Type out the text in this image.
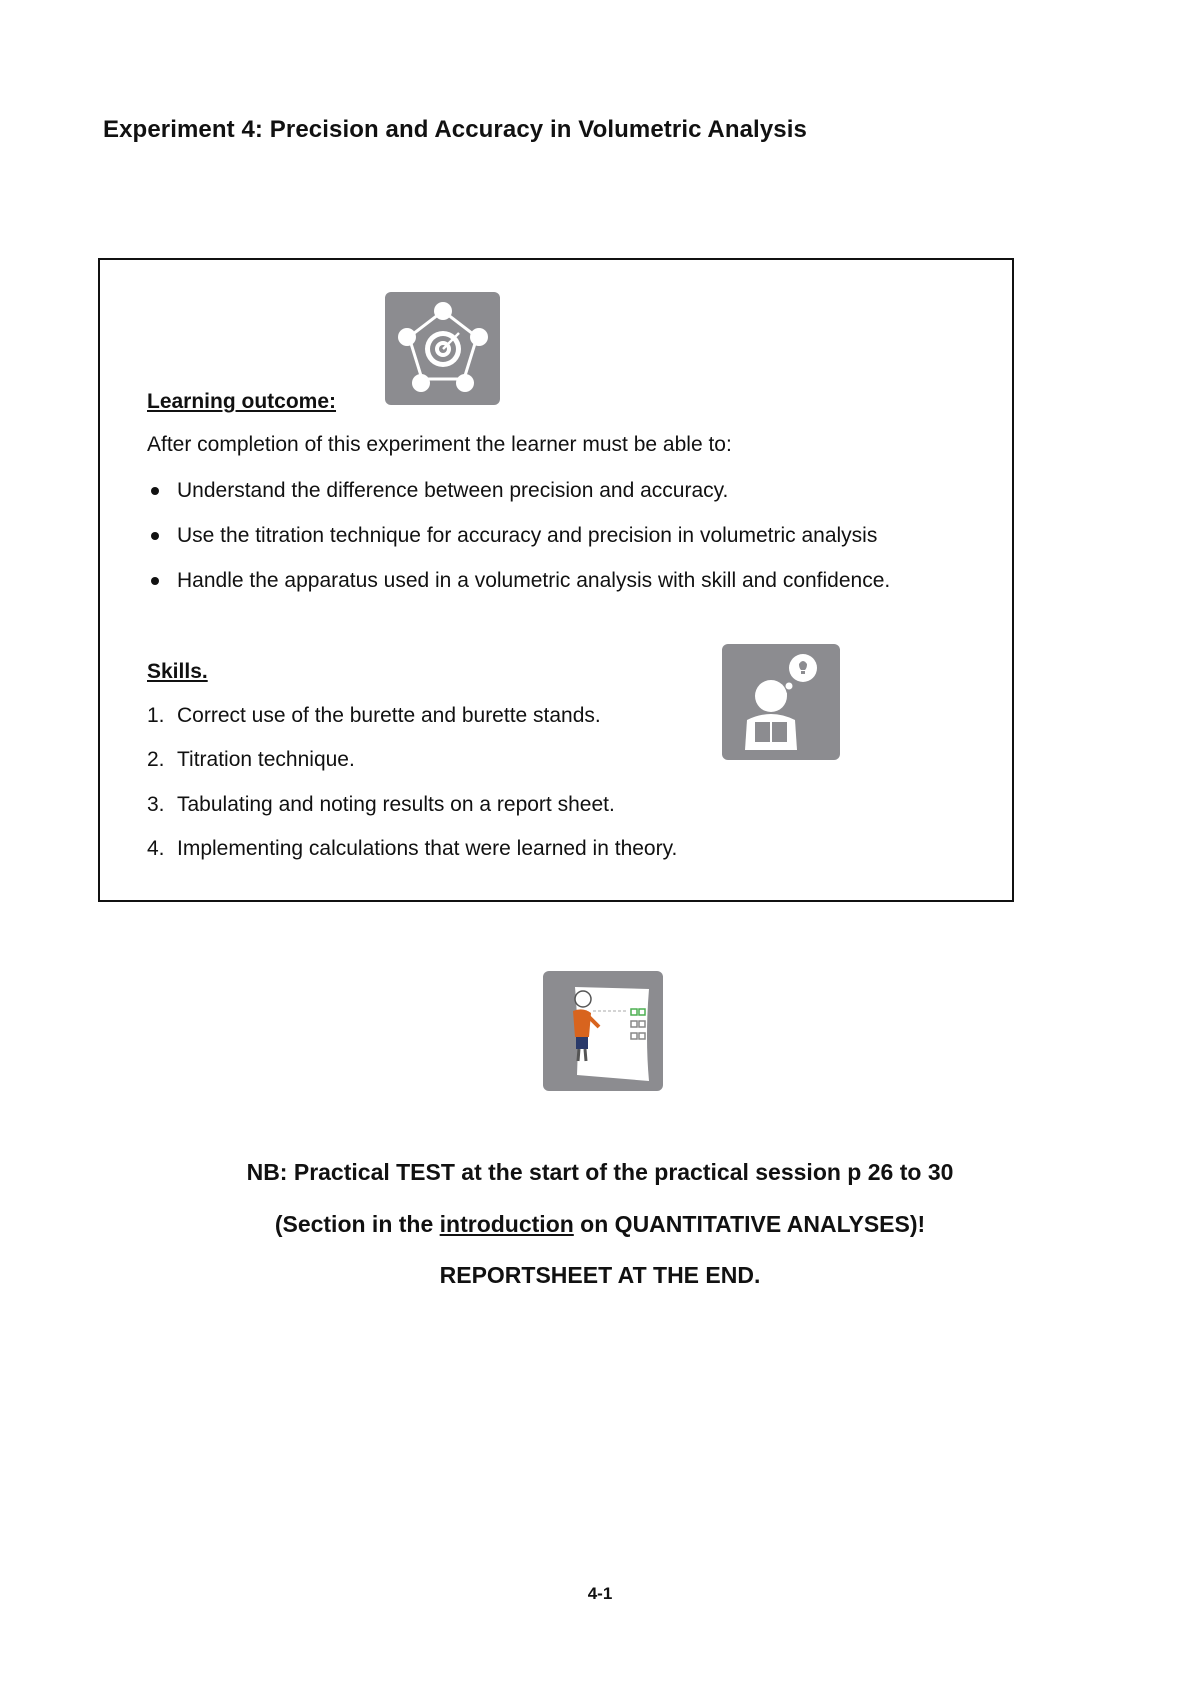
Experiment 4: Precision and Accuracy in Volumetric Analysis
Learning outcome:
After completion of this experiment the learner must be able to:
Understand the difference between precision and accuracy.
Use the titration technique for accuracy and precision in volumetric analysis
Handle the apparatus used in a volumetric analysis with skill and confidence.
Skills.
1. Correct use of the burette and burette stands.
2. Titration technique.
3. Tabulating and noting results on a report sheet.
4. Implementing calculations that were learned in theory.
NB: Practical TEST at the start of the practical session p 26 to 30
(Section in the introduction on QUANTITATIVE ANALYSES)!
REPORTSHEET AT THE END.
4-1
